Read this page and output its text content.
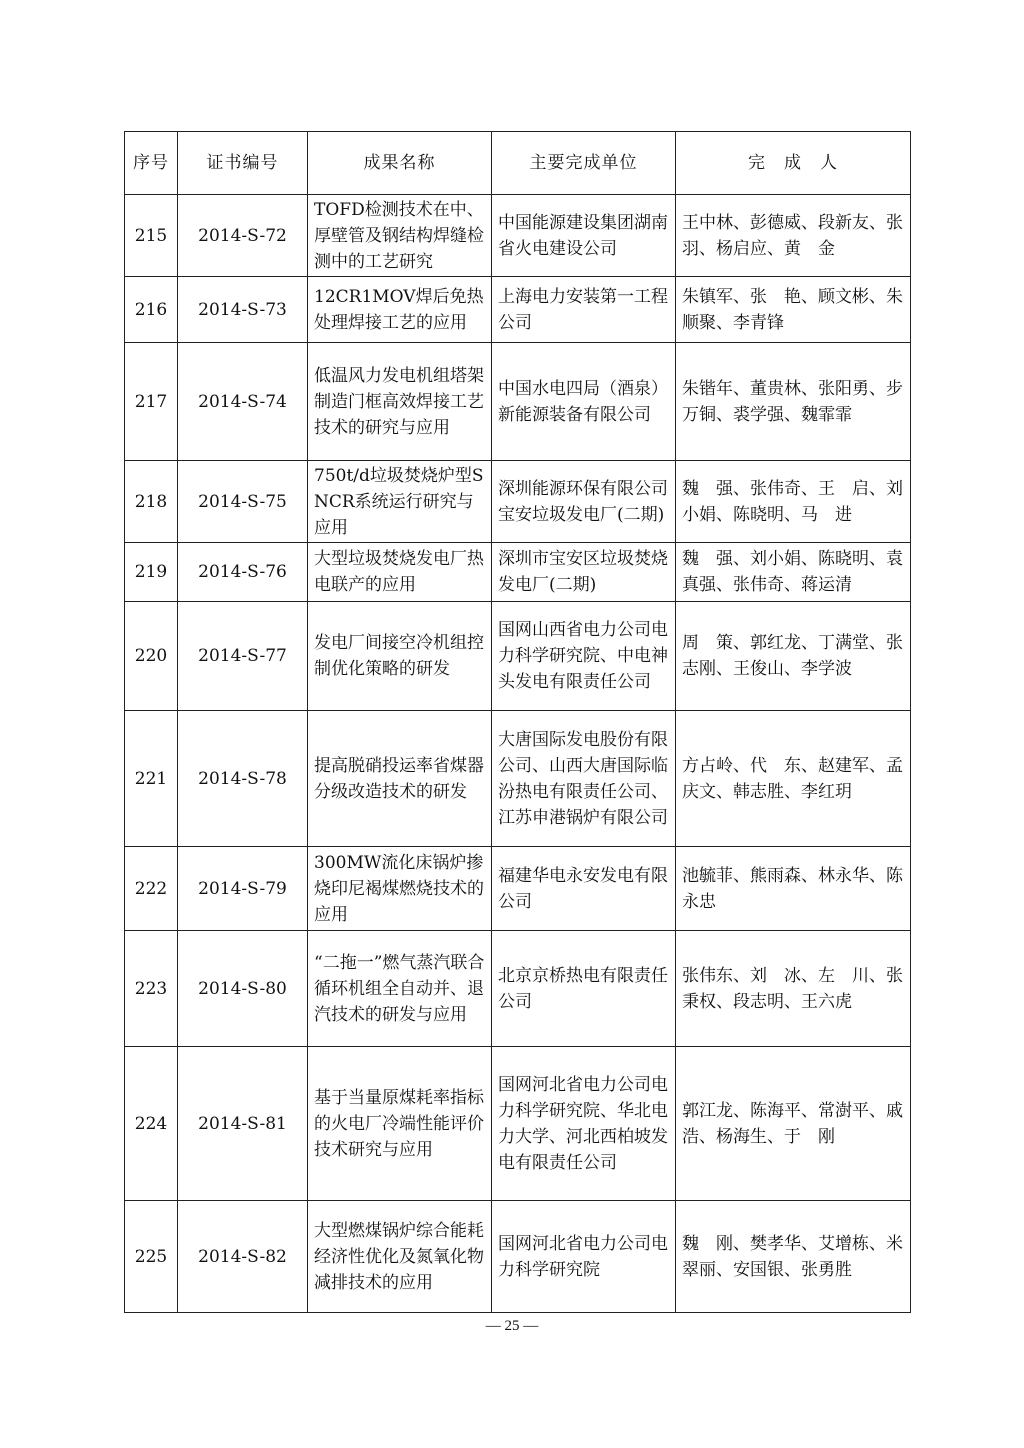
序号	证书编号	成果名称	主要完成单位	完　成　人
215	2014-S-72	TOFD检测技术在中、厚壁管及钢结构焊缝检测中的工艺研究	中国能源建设集团湖南省火电建设公司	王中林、彭德威、段新友、张　羽、杨启应、黄　金
216	2014-S-73	12CR1MOV焊后免热处理焊接工艺的应用	上海电力安装第一工程公司	朱镇军、张　艳、顾文彬、朱顺聚、李青锋
217	2014-S-74	低温风力发电机组塔架制造门框高效焊接工艺技术的研究与应用	中国水电四局（酒泉）新能源装备有限公司	朱锴年、董贵林、张阳勇、步万铜、裘学强、魏霏霏
218	2014-S-75	750t/d垃圾焚烧炉型SNCR系统运行研究与应用	深圳能源环保有限公司宝安垃圾发电厂(二期)	魏　强、张伟奇、王　启、刘小娟、陈晓明、马　进
219	2014-S-76	大型垃圾焚烧发电厂热电联产的应用	深圳市宝安区垃圾焚烧发电厂(二期)	魏　强、刘小娟、陈晓明、袁真强、张伟奇、蒋运清
220	2014-S-77	发电厂间接空冷机组控制优化策略的研发	国网山西省电力公司电力科学研究院、中电神头发电有限责任公司	周　策、郭红龙、丁满堂、张志刚、王俊山、李学波
221	2014-S-78	提高脱硝投运率省煤器分级改造技术的研发	大唐国际发电股份有限公司、山西大唐国际临汾热电有限责任公司、江苏申港锅炉有限公司	方占岭、代　东、赵建军、孟庆文、韩志胜、李红玥
222	2014-S-79	300MW流化床锅炉掺烧印尼褐煤燃烧技术的应用	福建华电永安发电有限公司	池毓菲、熊雨森、林永华、陈永忠
223	2014-S-80	“二拖一”燃气蒸汽联合循环机组全自动并、退汽技术的研发与应用	北京京桥热电有限责任公司	张伟东、刘　冰、左　川、张秉权、段志明、王六虎
224	2014-S-81	基于当量原煤耗率指标的火电厂冷端性能评价技术研究与应用	国网河北省电力公司电力科学研究院、华北电力大学、河北西柏坡发电有限责任公司	郭江龙、陈海平、常澍平、戚　浩、杨海生、于　刚
225	2014-S-82	大型燃煤锅炉综合能耗经济性优化及氮氧化物减排技术的应用	国网河北省电力公司电力科学研究院	魏　刚、樊孝华、艾增栋、米翠丽、安国银、张勇胜
— 25 —
